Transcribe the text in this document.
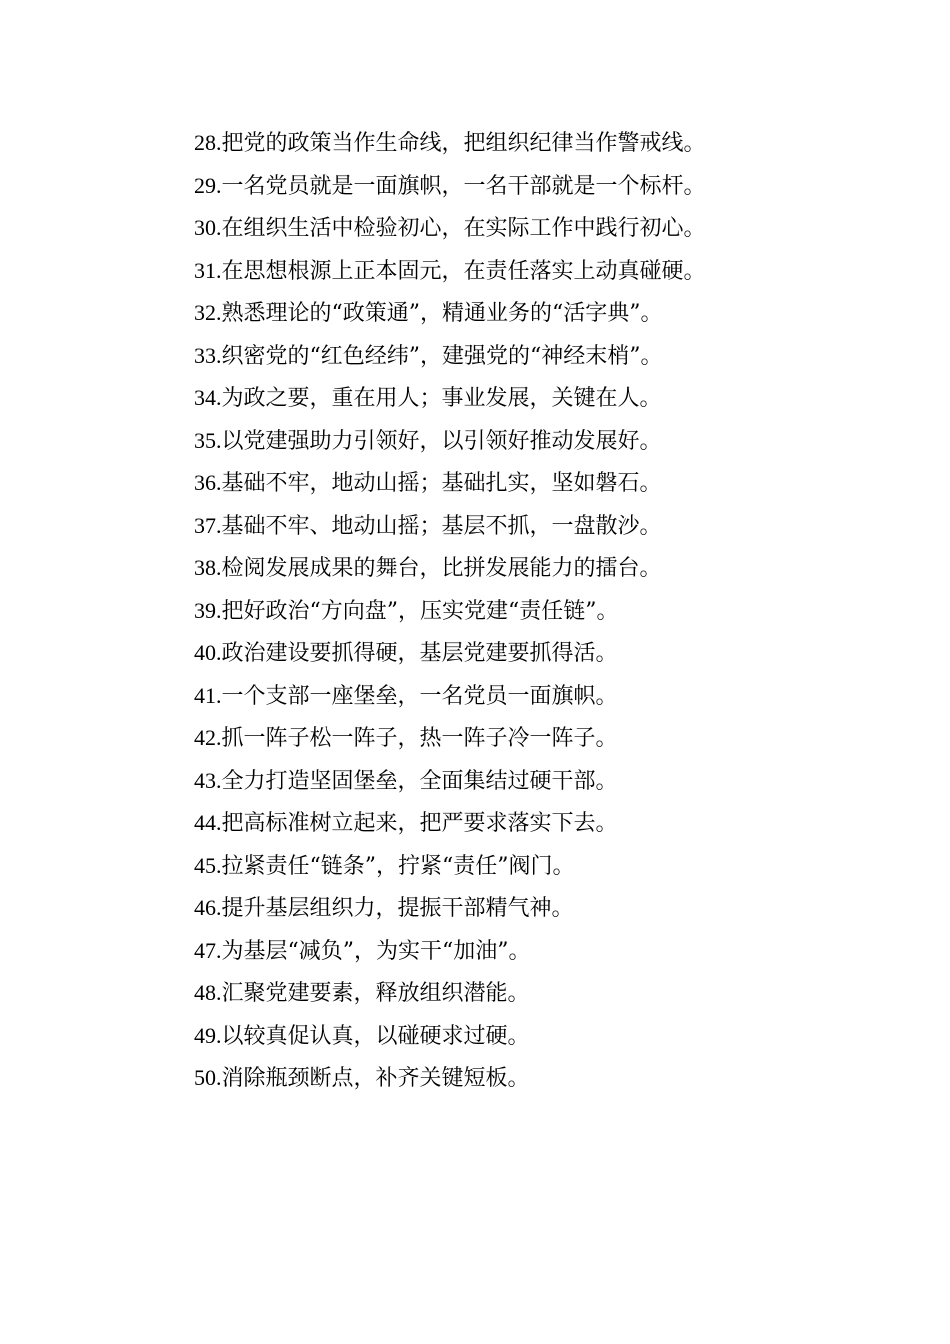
28.把党的政策当作生命线，把组织纪律当作警戒线。
29.一名党员就是一面旗帜，一名干部就是一个标杆。
30.在组织生活中检验初心，在实际工作中践行初心。
31.在思想根源上正本固元，在责任落实上动真碰硬。
32.熟悉理论的“政策通”，精通业务的“活字典”。
33.织密党的“红色经纬”，建强党的“神经末梢”。
34.为政之要，重在用人；事业发展，关键在人。
35.以党建强助力引领好，以引领好推动发展好。
36.基础不牢，地动山摇；基础扎实，坚如磐石。
37.基础不牢、地动山摇；基层不抓，一盘散沙。
38.检阅发展成果的舞台，比拼发展能力的擂台。
39.把好政治“方向盘”，压实党建“责任链”。
40.政治建设要抓得硬，基层党建要抓得活。
41.一个支部一座堡垒，一名党员一面旗帜。
42.抓一阵子松一阵子，热一阵子冷一阵子。
43.全力打造坚固堡垒，全面集结过硬干部。
44.把高标准树立起来，把严要求落实下去。
45.拉紧责任“链条”，拧紧“责任”阀门。
46.提升基层组织力，提振干部精气神。
47.为基层“减负”，为实干“加油”。
48.汇聚党建要素，释放组织潜能。
49.以较真促认真，以碰硬求过硬。
50.消除瓶颈断点，补齐关键短板。
